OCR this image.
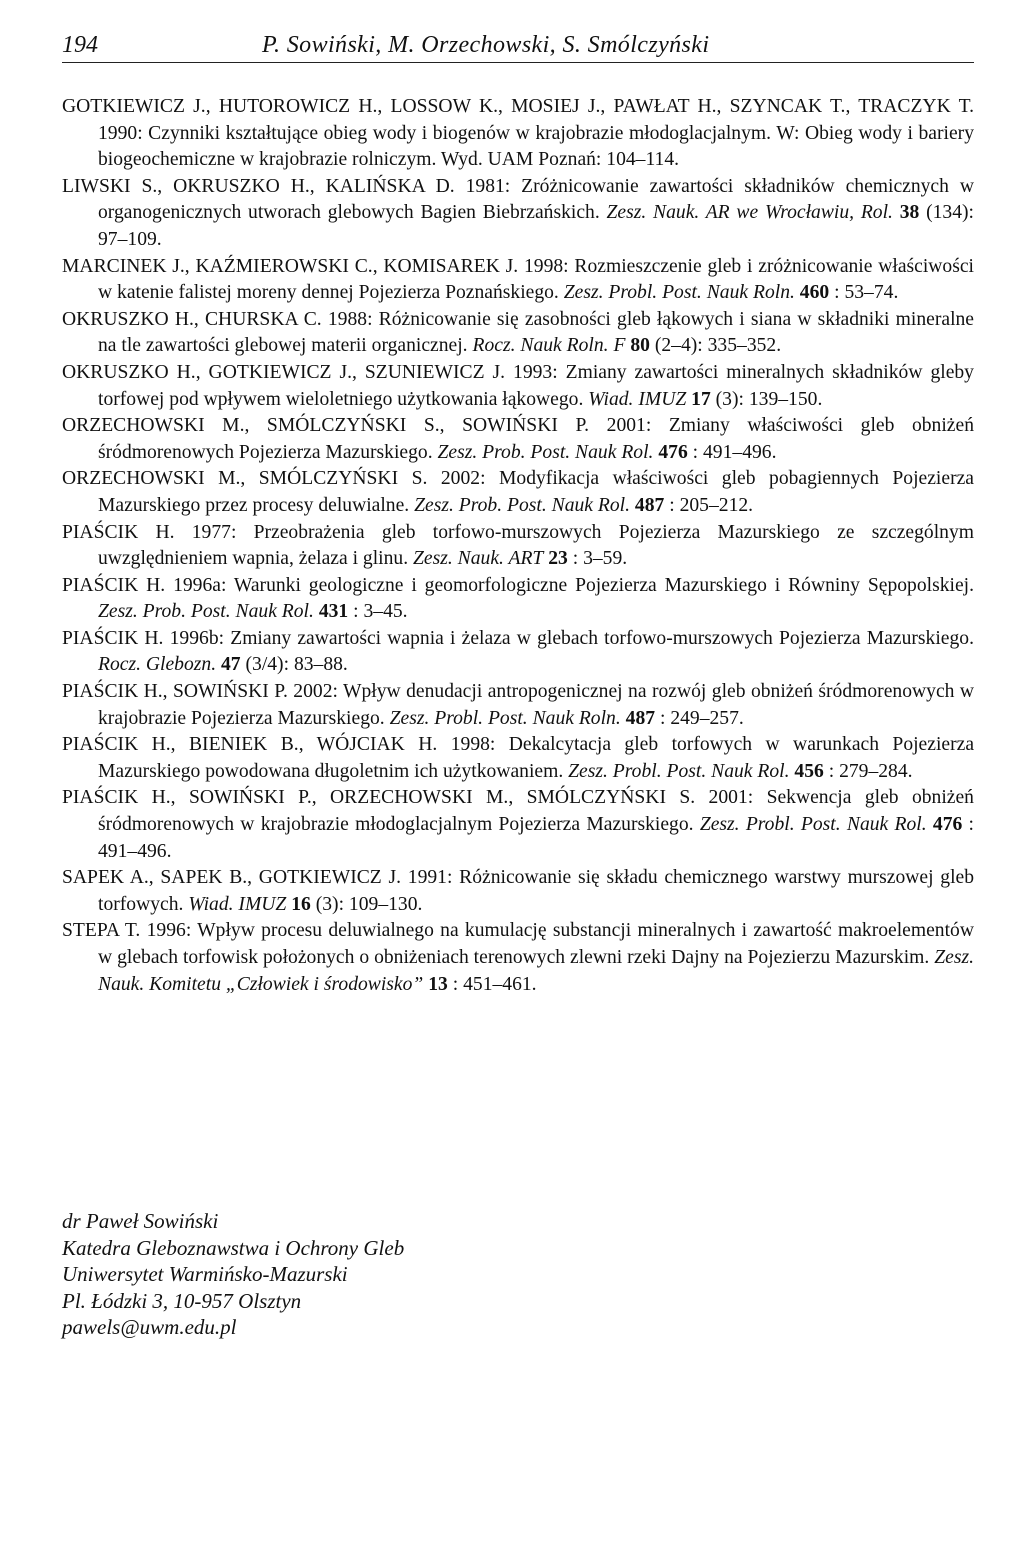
194	P. Sowiński, M. Orzechowski, S. Smólczyński

GOTKIEWICZ J., HUTOROWICZ H., LOSSOW K., MOSIEJ J., PAWŁAT H., SZYNCAK T., TRACZYK T. 1990: Czynniki kształtujące obieg wody i biogenów w krajobrazie młodoglacjalnym. W: Obieg wody i bariery biogeochemiczne w krajobrazie rolniczym. Wyd. UAM Poznań: 104–114.

LIWSKI S., OKRUSZKO H., KALIŃSKA D. 1981: Zróżnicowanie zawartości składników chemicznych w organogenicznych utworach glebowych Bagien Biebrzańskich. Zesz. Nauk. AR we Wrocławiu, Rol. 38 (134): 97–109.

MARCINEK J., KAŹMIEROWSKI C., KOMISAREK J. 1998: Rozmieszczenie gleb i zróżnicowanie właściwości w katenie falistej moreny dennej Pojezierza Poznańskiego. Zesz. Probl. Post. Nauk Roln. 460 : 53–74.

OKRUSZKO H., CHURSKA C. 1988: Różnicowanie się zasobności gleb łąkowych i siana w składniki mineralne na tle zawartości glebowej materii organicznej. Rocz. Nauk Roln. F 80 (2–4): 335–352.

OKRUSZKO H., GOTKIEWICZ J., SZUNIEWICZ J. 1993: Zmiany zawartości mineralnych składników gleby torfowej pod wpływem wieloletniego użytkowania łąkowego. Wiad. IMUZ 17 (3): 139–150.

ORZECHOWSKI M., SMÓLCZYŃSKI S., SOWIŃSKI P. 2001: Zmiany właściwości gleb obniżeń śródmorenowych Pojezierza Mazurskiego. Zesz. Prob. Post. Nauk Rol. 476 : 491–496.

ORZECHOWSKI M., SMÓLCZYŃSKI S. 2002: Modyfikacja właściwości gleb pobagiennych Pojezierza Mazurskiego przez procesy deluwialne. Zesz. Prob. Post. Nauk Rol. 487 : 205–212.

PIAŚCIK H. 1977: Przeobrażenia gleb torfowo-murszowych Pojezierza Mazurskiego ze szczególnym uwzględnieniem wapnia, żelaza i glinu. Zesz. Nauk. ART 23 : 3–59.

PIAŚCIK H. 1996a: Warunki geologiczne i geomorfologiczne Pojezierza Mazurskiego i Równiny Sępopolskiej. Zesz. Prob. Post. Nauk Rol. 431 : 3–45.

PIAŚCIK H. 1996b: Zmiany zawartości wapnia i żelaza w glebach torfowo-murszowych Pojezierza Mazurskiego. Rocz. Glebozn. 47 (3/4): 83–88.

PIAŚCIK H., SOWIŃSKI P. 2002: Wpływ denudacji antropogenicznej na rozwój gleb obniżeń śródmorenowych w krajobrazie Pojezierza Mazurskiego. Zesz. Probl. Post. Nauk Roln. 487 : 249–257.

PIAŚCIK H., BIENIEK B., WÓJCIAK H. 1998: Dekalcytacja gleb torfowych w warunkach Pojezierza Mazurskiego powodowana długoletnim ich użytkowaniem. Zesz. Probl. Post. Nauk Rol. 456 : 279–284.

PIAŚCIK H., SOWIŃSKI P., ORZECHOWSKI M., SMÓLCZYŃSKI S. 2001: Sekwencja gleb obniżeń śródmorenowych w krajobrazie młodoglacjalnym Pojezierza Mazurskiego. Zesz. Probl. Post. Nauk Rol. 476 : 491–496.

SAPEK A., SAPEK B., GOTKIEWICZ J. 1991: Różnicowanie się składu chemicznego warstwy murszowej gleb torfowych. Wiad. IMUZ 16 (3): 109–130.

STEPA T. 1996: Wpływ procesu deluwialnego na kumulację substancji mineralnych i zawartość makroelementów w glebach torfowisk położonych o obniżeniach terenowych zlewni rzeki Dajny na Pojezierzu Mazurskim. Zesz. Nauk. Komitetu „Człowiek i środowisko” 13 : 451–461.

dr Paweł Sowiński
Katedra Gleboznawstwa i Ochrony Gleb
Uniwersytet Warmińsko-Mazurski
Pl. Łódzki 3, 10-957 Olsztyn
pawels@uwm.edu.pl
